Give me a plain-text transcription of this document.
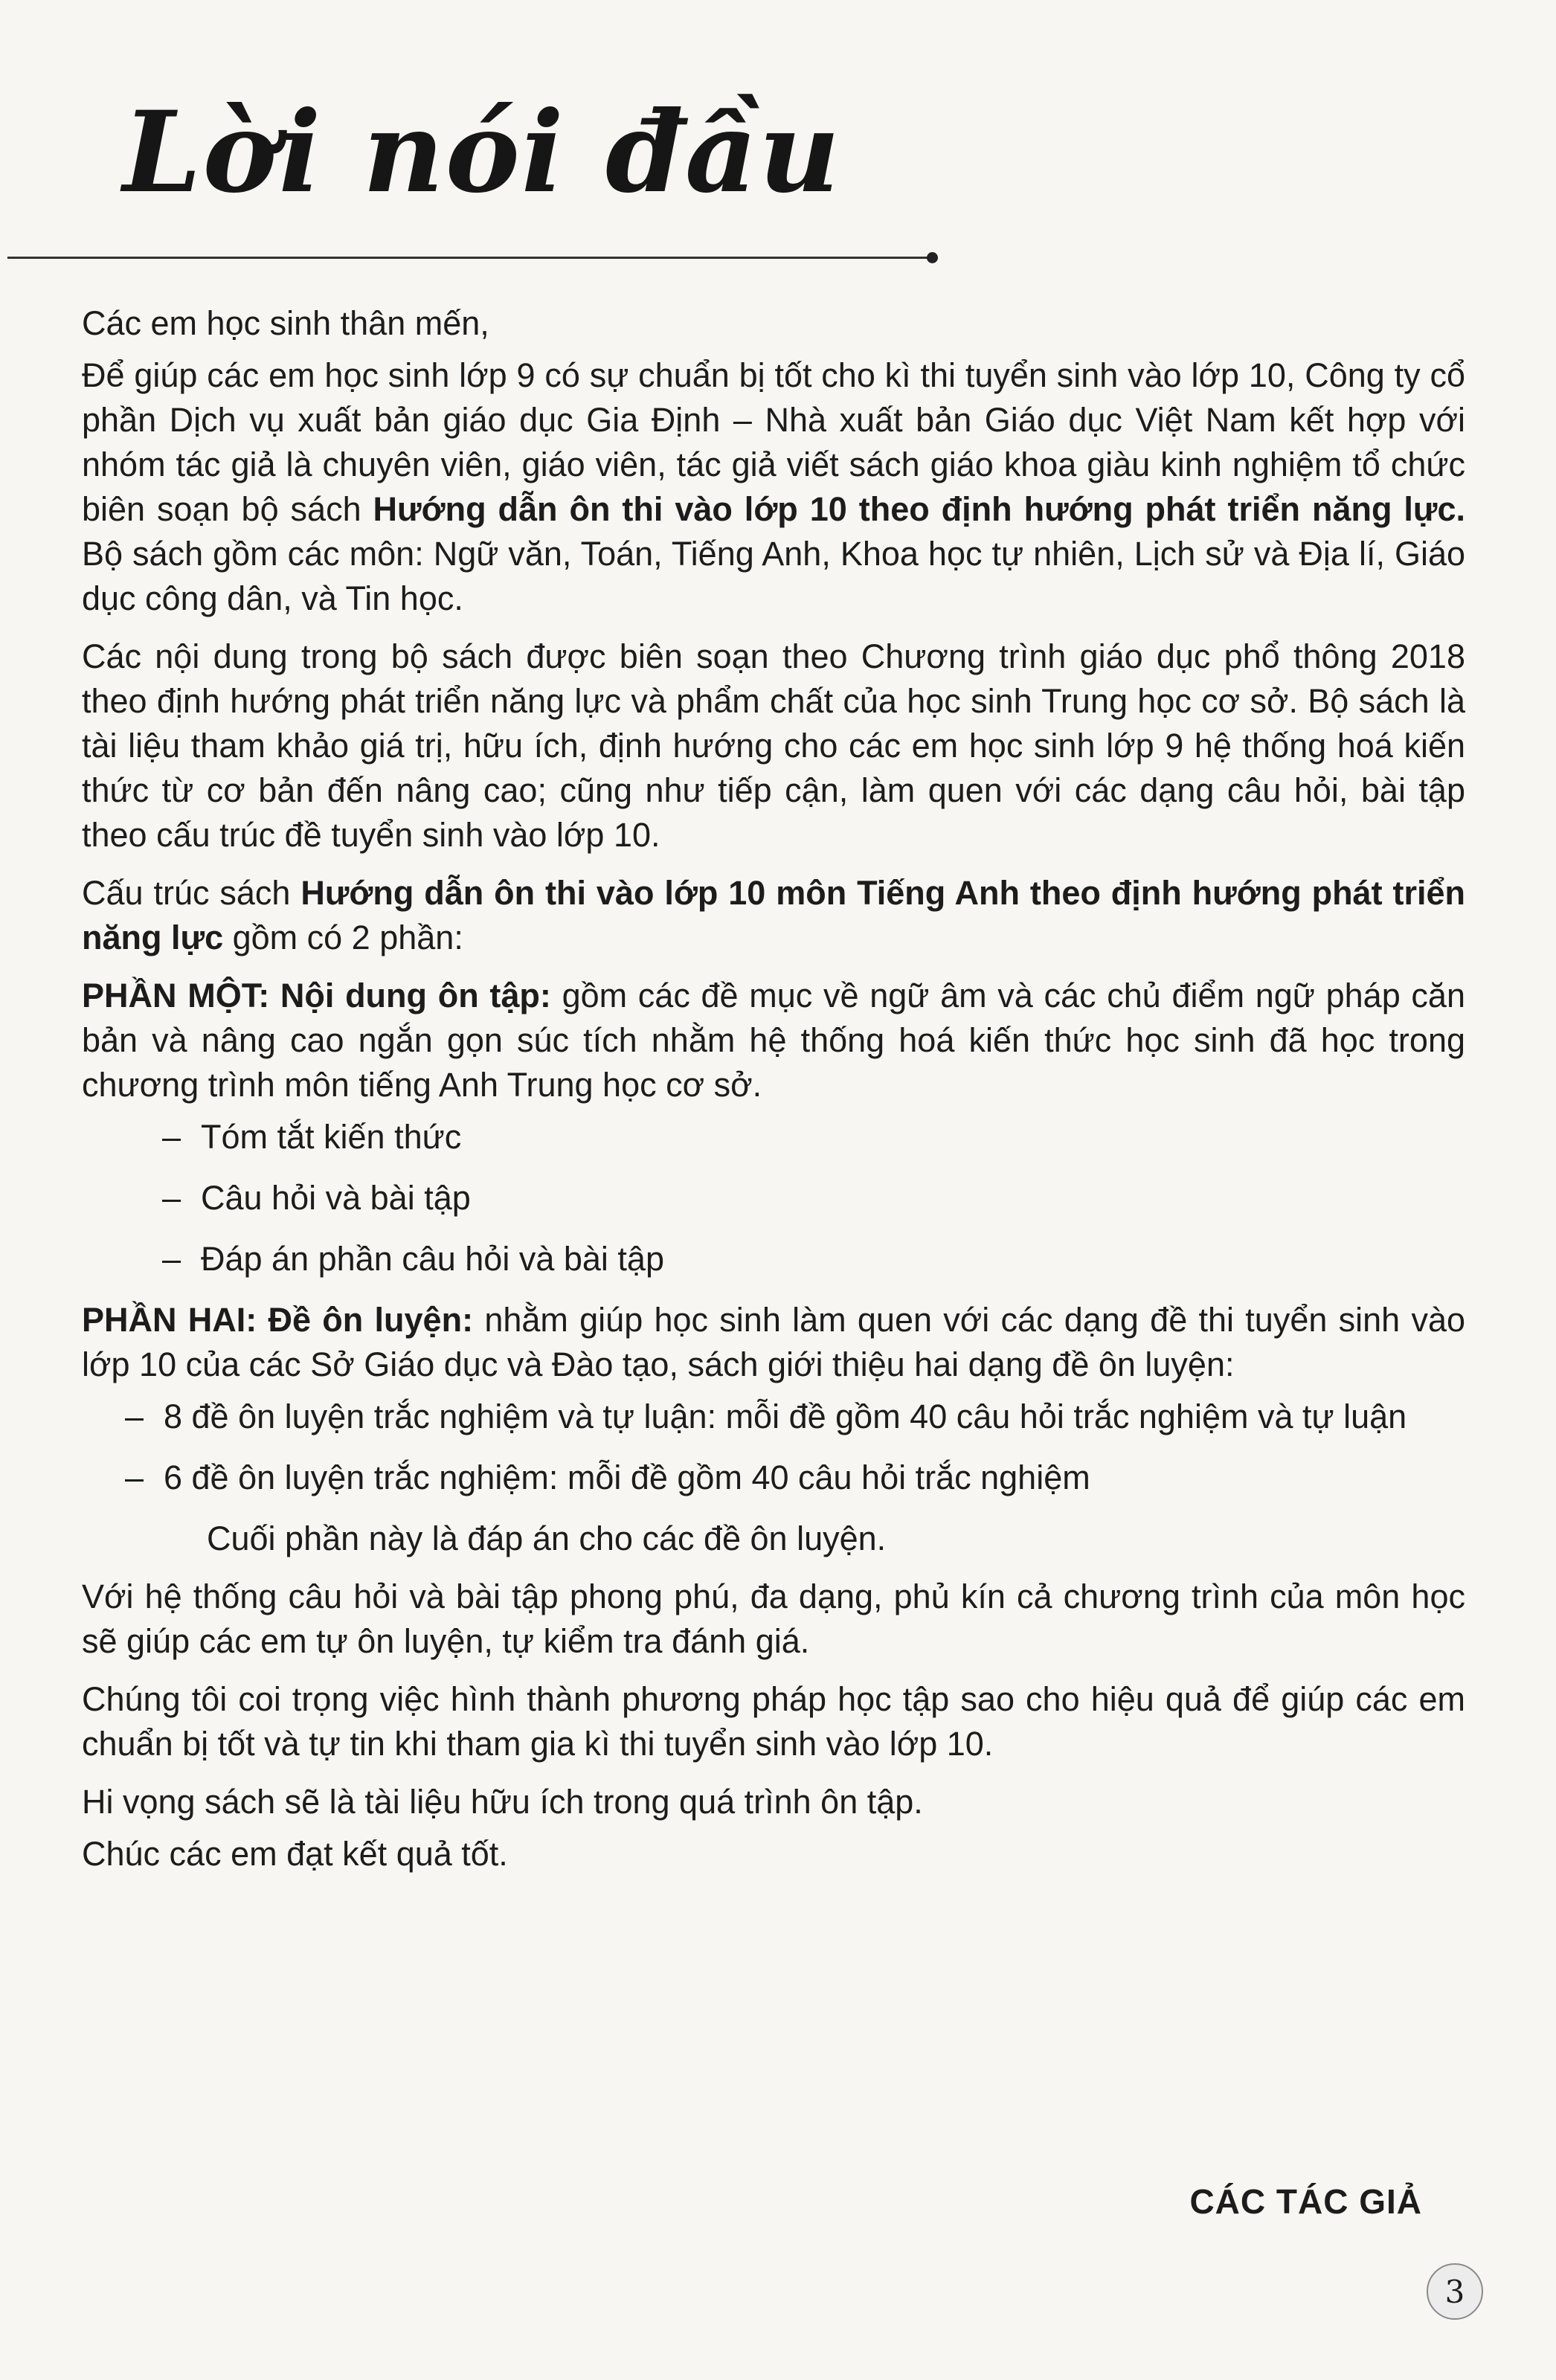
Lời nói đầu

Các em học sinh thân mến,

Để giúp các em học sinh lớp 9 có sự chuẩn bị tốt cho kì thi tuyển sinh vào lớp 10, Công ty cổ phần Dịch vụ xuất bản giáo dục Gia Định – Nhà xuất bản Giáo dục Việt Nam kết hợp với nhóm tác giả là chuyên viên, giáo viên, tác giả viết sách giáo khoa giàu kinh nghiệm tổ chức biên soạn bộ sách Hướng dẫn ôn thi vào lớp 10 theo định hướng phát triển năng lực. Bộ sách gồm các môn: Ngữ văn, Toán, Tiếng Anh, Khoa học tự nhiên, Lịch sử và Địa lí, Giáo dục công dân, và Tin học.

Các nội dung trong bộ sách được biên soạn theo Chương trình giáo dục phổ thông 2018 theo định hướng phát triển năng lực và phẩm chất của học sinh Trung học cơ sở. Bộ sách là tài liệu tham khảo giá trị, hữu ích, định hướng cho các em học sinh lớp 9 hệ thống hoá kiến thức từ cơ bản đến nâng cao; cũng như tiếp cận, làm quen với các dạng câu hỏi, bài tập theo cấu trúc đề tuyển sinh vào lớp 10.

Cấu trúc sách Hướng dẫn ôn thi vào lớp 10 môn Tiếng Anh theo định hướng phát triển năng lực gồm có 2 phần:

PHẦN MỘT: Nội dung ôn tập: gồm các đề mục về ngữ âm và các chủ điểm ngữ pháp căn bản và nâng cao ngắn gọn súc tích nhằm hệ thống hoá kiến thức học sinh đã học trong chương trình môn tiếng Anh Trung học cơ sở.

– Tóm tắt kiến thức
– Câu hỏi và bài tập
– Đáp án phần câu hỏi và bài tập

PHẦN HAI: Đề ôn luyện: nhằm giúp học sinh làm quen với các dạng đề thi tuyển sinh vào lớp 10 của các Sở Giáo dục và Đào tạo, sách giới thiệu hai dạng đề ôn luyện:

– 8 đề ôn luyện trắc nghiệm và tự luận: mỗi đề gồm 40 câu hỏi trắc nghiệm và tự luận
– 6 đề ôn luyện trắc nghiệm: mỗi đề gồm 40 câu hỏi trắc nghiệm
Cuối phần này là đáp án cho các đề ôn luyện.

Với hệ thống câu hỏi và bài tập phong phú, đa dạng, phủ kín cả chương trình của môn học sẽ giúp các em tự ôn luyện, tự kiểm tra đánh giá.

Chúng tôi coi trọng việc hình thành phương pháp học tập sao cho hiệu quả để giúp các em chuẩn bị tốt và tự tin khi tham gia kì thi tuyển sinh vào lớp 10.

Hi vọng sách sẽ là tài liệu hữu ích trong quá trình ôn tập.

Chúc các em đạt kết quả tốt.

CÁC TÁC GIẢ
3
